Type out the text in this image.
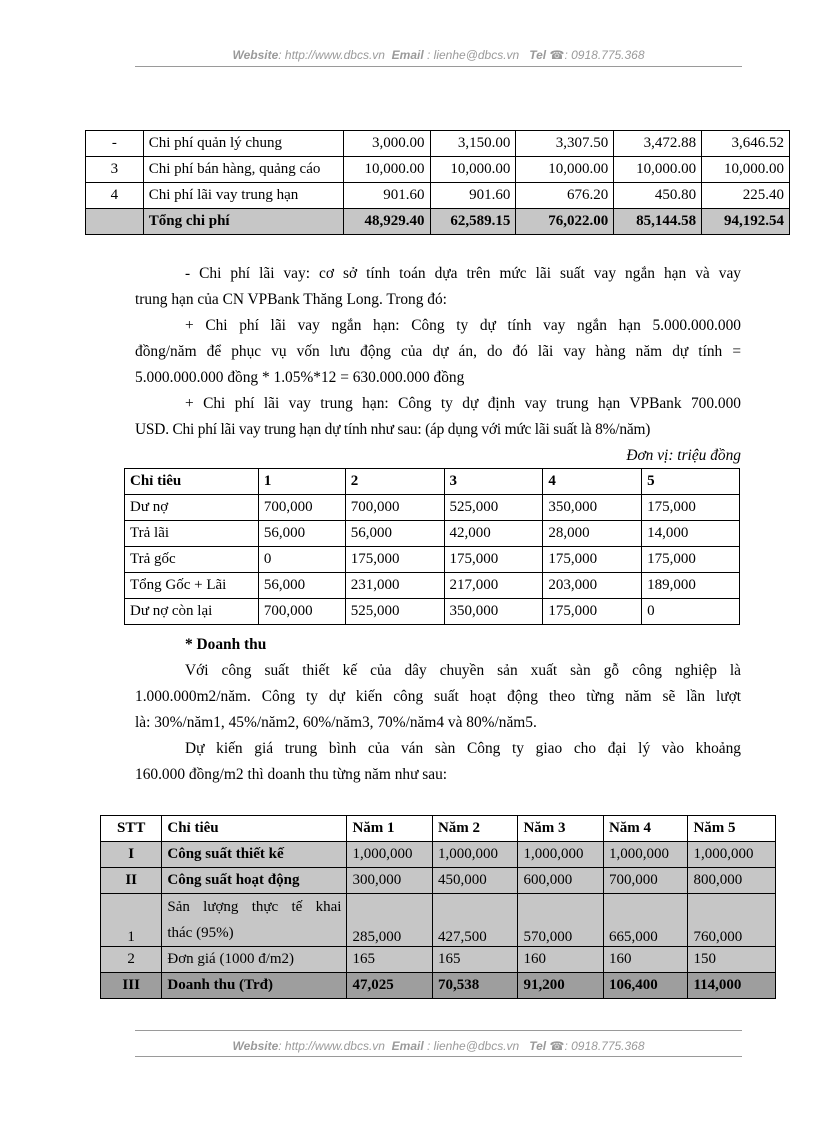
Website: http://www.dbcs.vn Email : lienhe@dbcs.vn Tel ☎: 0918.775.368
-	Chi phí quản lý chung	3,000.00	3,150.00	3,307.50	3,472.88	3,646.52
3	Chi phí bán hàng, quảng cáo	10,000.00	10,000.00	10,000.00	10,000.00	10,000.00
4	Chi phí lãi vay trung hạn	901.60	901.60	676.20	450.80	225.40
	Tổng chi phí	48,929.40	62,589.15	76,022.00	85,144.58	94,192.54
- Chi phí lãi vay: cơ sở tính toán dựa trên mức lãi suất vay ngắn hạn và vay
trung hạn của CN VPBank Thăng Long. Trong đó:
+ Chi phí lãi vay ngắn hạn: Công ty dự tính vay ngắn hạn 5.000.000.000
đồng/năm để phục vụ vốn lưu động của dự án, do đó lãi vay hàng năm dự tính =
5.000.000.000 đồng * 1.05%*12 = 630.000.000 đồng
+ Chi phí lãi vay trung hạn: Công ty dự định vay trung hạn VPBank 700.000
USD. Chi phí lãi vay trung hạn dự tính như sau: (áp dụng với mức lãi suất là 8%/năm)
Đơn vị: triệu đồng
Chỉ tiêu	1	2	3	4	5
Dư nợ	700,000	700,000	525,000	350,000	175,000
Trả lãi	56,000	56,000	42,000	28,000	14,000
Trả gốc	0	175,000	175,000	175,000	175,000
Tổng Gốc + Lãi	56,000	231,000	217,000	203,000	189,000
Dư nợ còn lại	700,000	525,000	350,000	175,000	0
* Doanh thu
Với công suất thiết kế của dây chuyền sản xuất sàn gỗ công nghiệp là
1.000.000m2/năm. Công ty dự kiến công suất hoạt động theo từng năm sẽ lần lượt
là: 30%/năm1, 45%/năm2, 60%/năm3, 70%/năm4 và 80%/năm5.
Dự kiến giá trung bình của ván sàn Công ty giao cho đại lý vào khoảng
160.000 đồng/m2 thì doanh thu từng năm như sau:
STT	Chỉ tiêu	Năm 1	Năm 2	Năm 3	Năm 4	Năm 5
I	Công suất thiết kế	1,000,000	1,000,000	1,000,000	1,000,000	1,000,000
II	Công suất hoạt động	300,000	450,000	600,000	700,000	800,000
1	Sản lượng thực tế khai
thác (95%)	285,000	427,500	570,000	665,000	760,000
2	Đơn giá (1000 đ/m2)	165	165	160	160	150
III	Doanh thu (Trđ)	47,025	70,538	91,200	106,400	114,000
Website: http://www.dbcs.vn Email : lienhe@dbcs.vn Tel ☎: 0918.775.368
